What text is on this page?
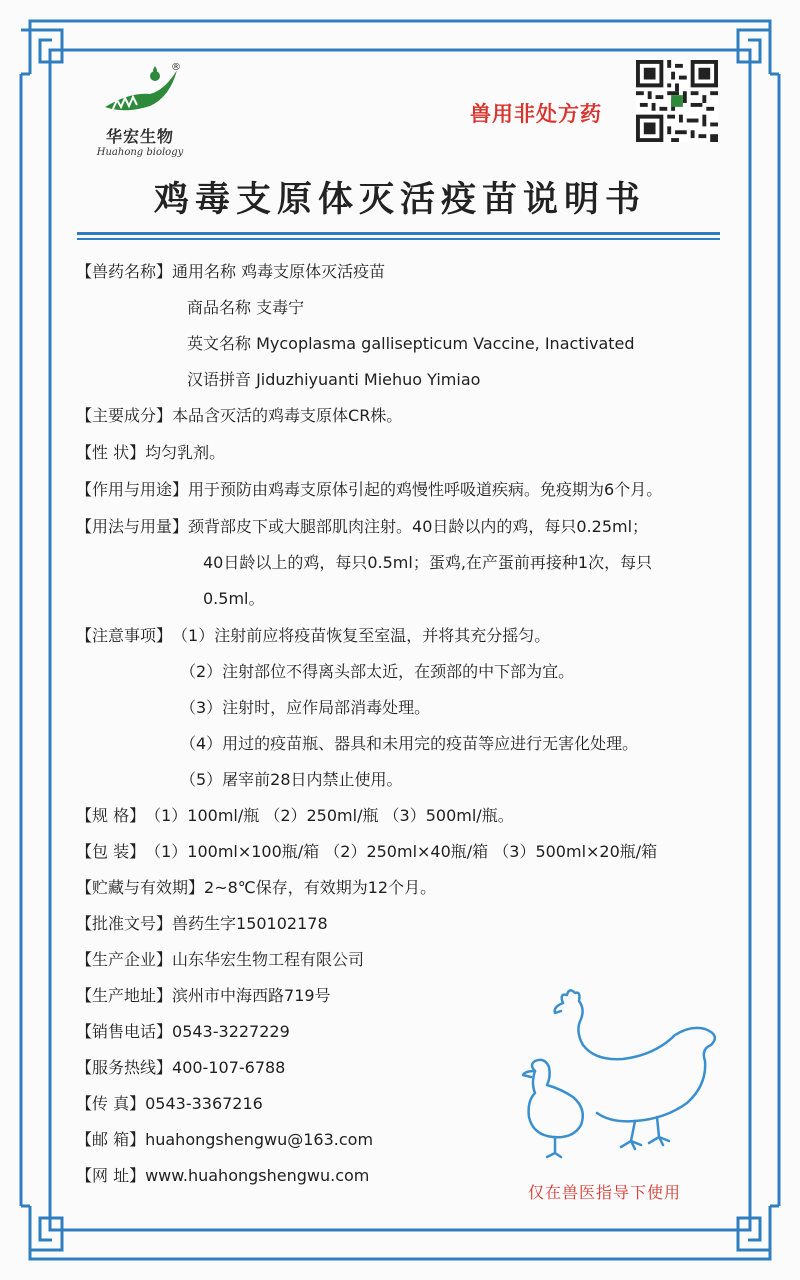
®
华宏生物
Huahong biology
兽用非处方药
鸡毒支原体灭活疫苗说明书
【兽药名称】通用名称 鸡毒支原体灭活疫苗
商品名称 支毒宁
英文名称 Mycoplasma gallisepticum Vaccine, Inactivated
汉语拼音 Jiduzhiyuanti Miehuo Yimiao
【主要成分】本品含灭活的鸡毒支原体CR株。
【性 状】均匀乳剂。
【作用与用途】用于预防由鸡毒支原体引起的鸡慢性呼吸道疾病。免疫期为6个月。
【用法与用量】颈背部皮下或大腿部肌肉注射。40日龄以内的鸡，每只0.25ml；
40日龄以上的鸡，每只0.5ml；蛋鸡,在产蛋前再接种1次，每只
0.5ml。
【注意事项】（1）注射前应将疫苗恢复至室温，并将其充分摇匀。
（2）注射部位不得离头部太近，在颈部的中下部为宜。
（3）注射时，应作局部消毒处理。
（4）用过的疫苗瓶、器具和未用完的疫苗等应进行无害化处理。
（5）屠宰前28日内禁止使用。
【规 格】（1）100ml/瓶 （2）250ml/瓶 （3）500ml/瓶。
【包 装】（1）100ml×100瓶/箱 （2）250ml×40瓶/箱 （3）500ml×20瓶/箱
【贮藏与有效期】2~8℃保存，有效期为12个月。
【批准文号】兽药生字150102178
【生产企业】山东华宏生物工程有限公司
【生产地址】滨州市中海西路719号
【销售电话】0543-3227229
【服务热线】400-107-6788
【传 真】0543-3367216
【邮 箱】huahongshengwu@163.com
【网 址】www.huahongshengwu.com
仅在兽医指导下使用
